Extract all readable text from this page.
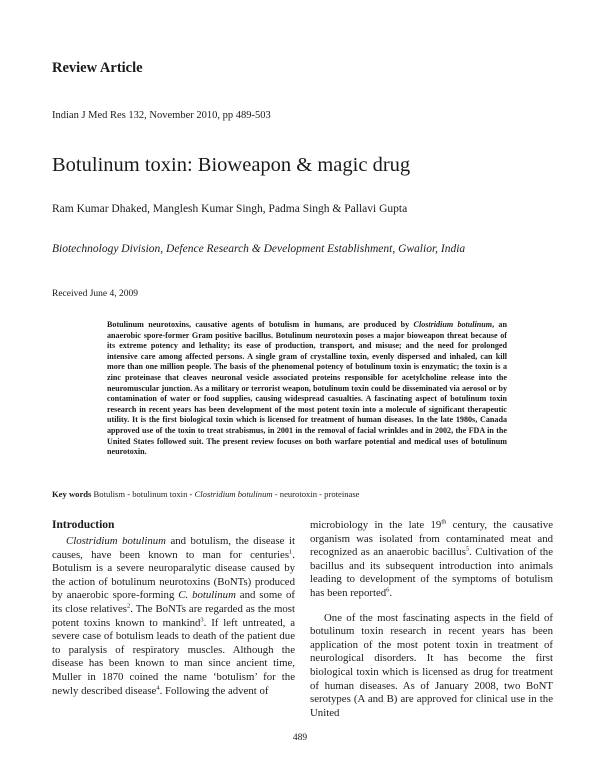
Review Article
Indian J Med Res 132, November 2010, pp 489-503
Botulinum toxin: Bioweapon & magic drug
Ram Kumar Dhaked, Manglesh Kumar Singh, Padma Singh & Pallavi Gupta
Biotechnology Division, Defence Research & Development Establishment, Gwalior, India
Received June 4, 2009
Botulinum neurotoxins, causative agents of botulism in humans, are produced by Clostridium botulinum, an anaerobic spore-former Gram positive bacillus. Botulinum neurotoxin poses a major bioweapon threat because of its extreme potency and lethality; its ease of production, transport, and misuse; and the need for prolonged intensive care among affected persons. A single gram of crystalline toxin, evenly dispersed and inhaled, can kill more than one million people. The basis of the phenomenal potency of botulinum toxin is enzymatic; the toxin is a zinc proteinase that cleaves neuronal vesicle associated proteins responsible for acetylcholine release into the neuromuscular junction. As a military or terrorist weapon, botulinum toxin could be disseminated via aerosol or by contamination of water or food supplies, causing widespread casualties. A fascinating aspect of botulinum toxin research in recent years has been development of the most potent toxin into a molecule of significant therapeutic utility. It is the first biological toxin which is licensed for treatment of human diseases. In the late 1980s, Canada approved use of the toxin to treat strabismus, in 2001 in the removal of facial wrinkles and in 2002, the FDA in the United States followed suit. The present review focuses on both warfare potential and medical uses of botulinum neurotoxin.
Key words Botulism - botulinum toxin - Clostridium botulinum - neurotoxin - proteinase
Introduction

Clostridium botulinum and botulism, the disease it causes, have been known to man for centuries$^1$. Botulism is a severe neuroparalytic disease caused by the action of botulinum neurotoxins (BoNTs) produced by anaerobic spore-forming C. botulinum and some of its close relatives$^2$. The BoNTs are regarded as the most potent toxins known to mankind$^3$. If left untreated, a severe case of botulism leads to death of the patient due to paralysis of respiratory muscles. Although the disease has been known to man since ancient time, Muller in 1870 coined the name ‘botulism’ for the newly described disease$^4$. Following the advent of

microbiology in the late 19th century, the causative organism was isolated from contaminated meat and recognized as an anaerobic bacillus$^5$. Cultivation of the bacillus and its subsequent introduction into animals leading to development of the symptoms of botulism has been reported$^6$.

One of the most fascinating aspects in the field of botulinum toxin research in recent years has been application of the most potent toxin in treatment of neurological disorders. It has become the first biological toxin which is licensed as drug for treatment of human diseases. As of January 2008, two BoNT serotypes (A and B) are approved for clinical use in the United

489
